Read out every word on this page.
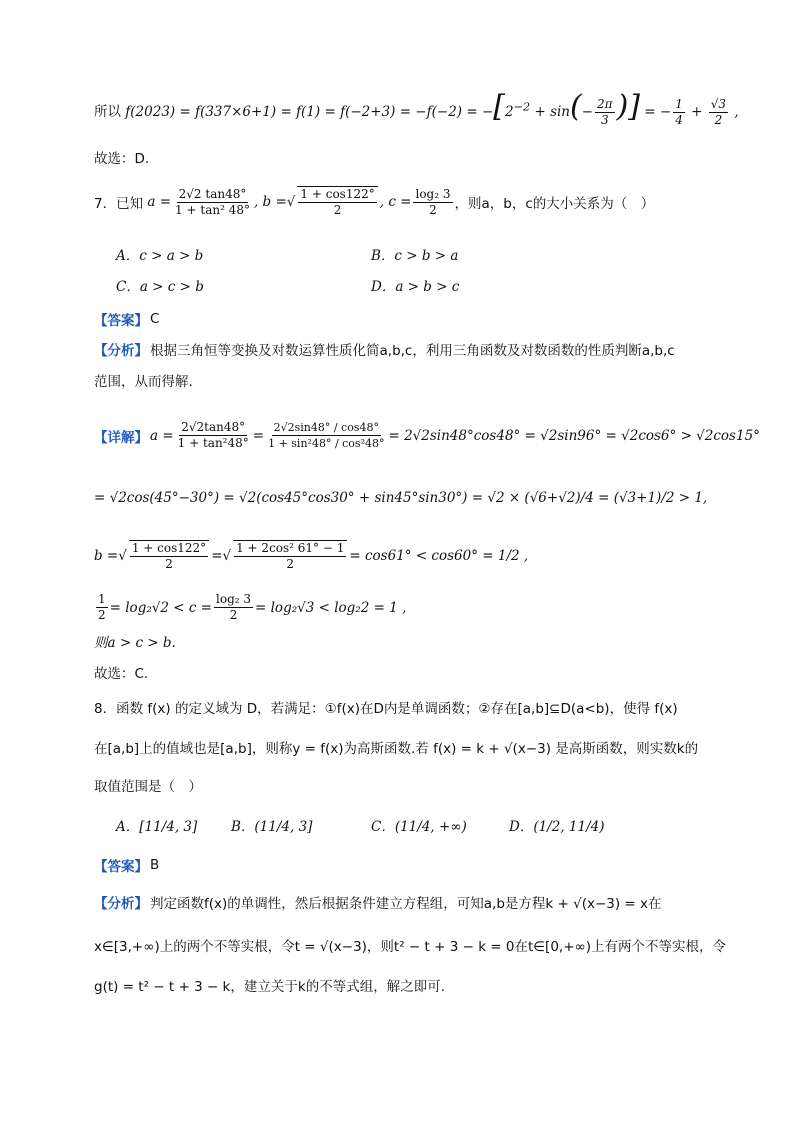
所以 $f(2023) = f(337\times 6+1) = f(1) = f(-2+3) = -f(-2) = -[2^{-2} + \sin(- \frac{2\pi}{3}$ )] = − $\frac{1}{4} + \frac{√3}{2}$ ,
故选：D.
7．已知 $a = \frac{2√2 \tan 48^\circ}{\text{1 + tan² 48°}}$ , b = √ $\frac{1 + \cos 122^\circ}{2}$ , $c = \frac{\text{log₂ 3}}{2}$ ，则a，b，c的大小关系为（　）
A．c > a > b	B．c > b > a
C．a > c > b	D．a > b > c
【答案】 C
【分析】 根据三角恒等变换及对数运算性质化简a,b,c，利用三角函数及对数函数的性质判断a,b,c
范围，从而得解.
【详解】 $a = \frac{2√2\tan 48^\circ}{\text{1 + tan²48°}} = \frac{2√2\sin 48^\circ / \cos 48^\circ}{\text{1 + sin²48° / cos²48°}} = 2√2\sin 48^\circ\cos 48^\circ = √2\sin 96^\circ = √2\cos 6^\circ > √2\cos 15^\circ$
= √2cos(45°−30°) = √2(cos45°cos30° + sin45°sin30°) = √2 × (√6+√2)/4 = (√3+1)/2 > 1,
b = √ $\frac{1 + \cos 122^\circ}{2}$ = √ $\frac{\text{1 + 2cos² 61° − 1}}{2} = \cos 61^\circ < \cos 60^\circ = 1/2$ ,
$\frac{1}{2} = \log_2√2 < c = \frac{\text{log₂ 3}}{2} = \log_2√3 < \log_22 = 1$ ,
则a > c > b.
故选：C.
8．函数 f(x) 的定义域为 D，若满足：①f(x)在D内是单调函数；②存在[a,b]⊆D(a<b)，使得 f(x)
在[a,b]上的值域也是[a,b]，则称y = f(x)为高斯函数.若 f(x) = k + √(x−3) 是高斯函数，则实数k的
取值范围是（　）
A．[11/4, 3] B．(11/4, 3]	C．(11/4, +∞)	D．(1/2, 11/4)
【答案】 B
【分析】 判定函数f(x)的单调性，然后根据条件建立方程组，可知a,b是方程k + √(x−3) = x在
x∈[3,+∞)上的两个不等实根，令t = √(x−3)，则t² − t + 3 − k = 0在t∈[0,+∞)上有两个不等实根，令
g(t) = t² − t + 3 − k，建立关于k的不等式组，解之即可.
